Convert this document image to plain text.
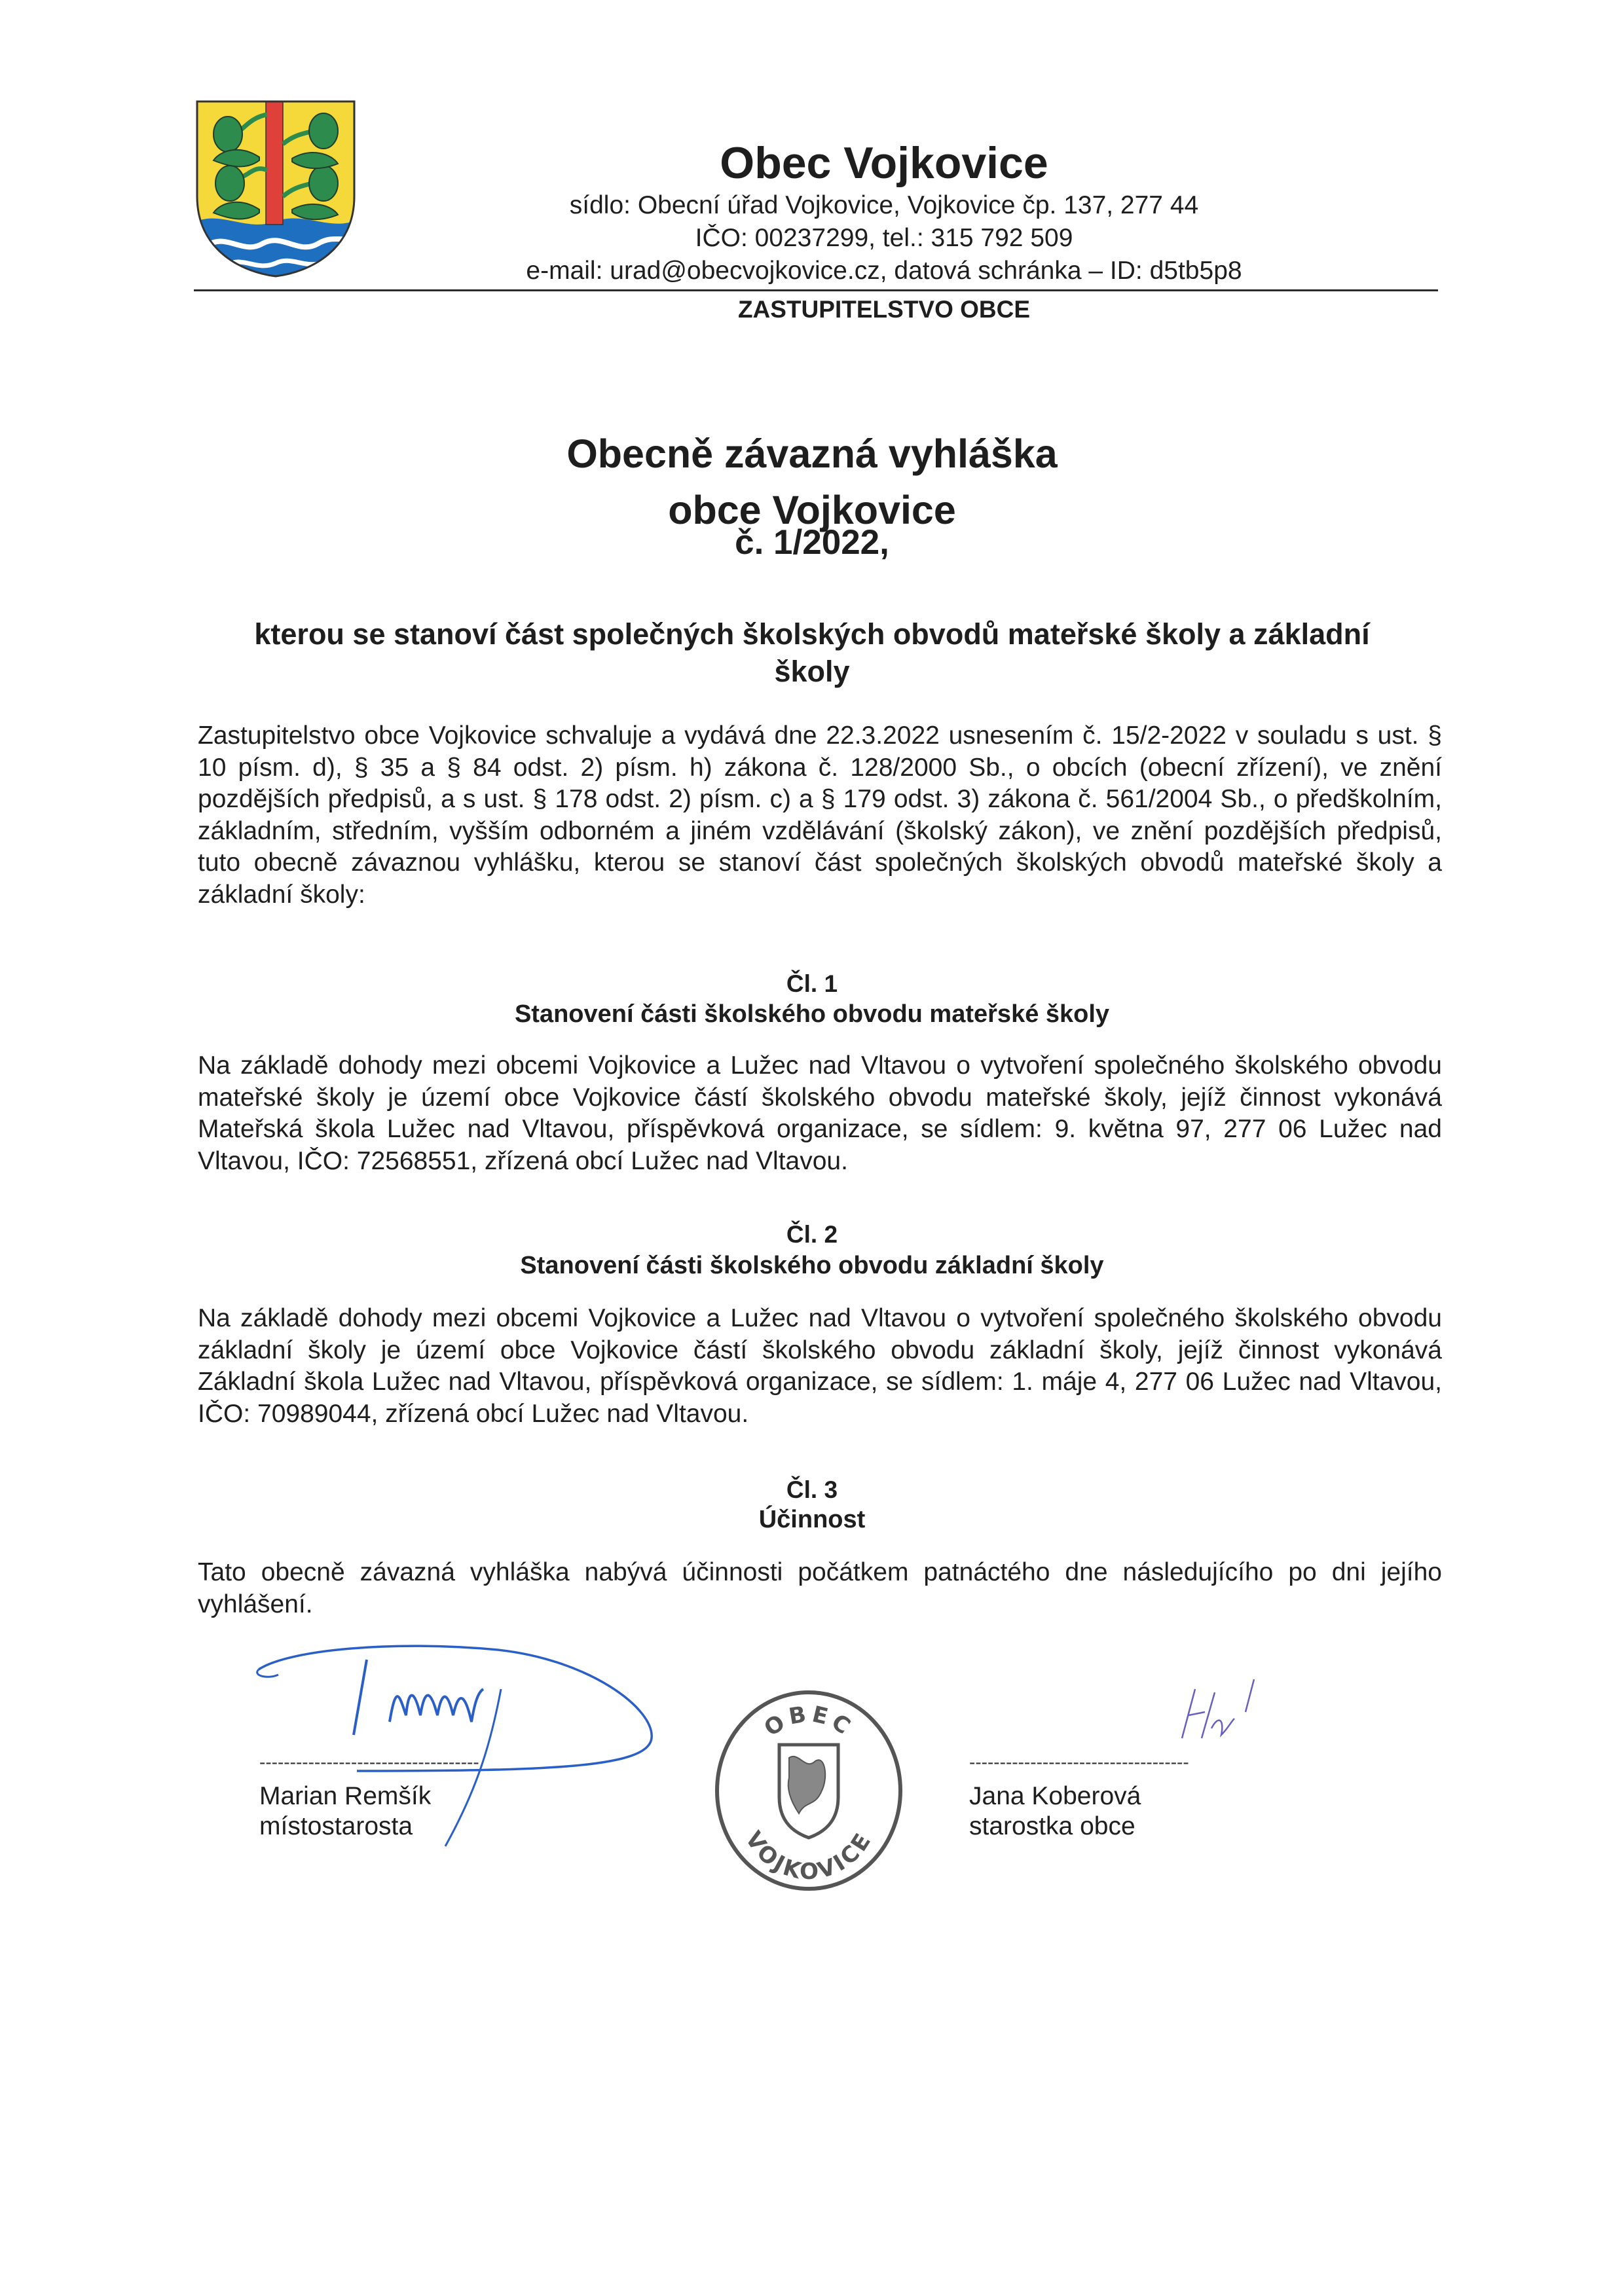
Obec Vojkovice
sídlo: Obecní úřad Vojkovice, Vojkovice čp. 137, 277 44
IČO: 00237299, tel.: 315 792 509
e-mail: urad@obecvojkovice.cz, datová schránka – ID: d5tb5p8
ZASTUPITELSTVO OBCE
Obecně závazná vyhláška
obce Vojkovice
č. 1/2022,
kterou se stanoví část společných školských obvodů mateřské školy a základní školy
Zastupitelstvo obce Vojkovice schvaluje a vydává dne 22.3.2022 usnesením č. 15/2-2022 v souladu s ust. § 10 písm. d), § 35 a § 84 odst. 2) písm. h) zákona č. 128/2000 Sb., o obcích (obecní zřízení), ve znění pozdějších předpisů, a s ust. § 178 odst. 2) písm. c) a § 179 odst. 3) zákona č. 561/2004 Sb., o předškolním, základním, středním, vyšším odborném a jiném vzdělávání (školský zákon), ve znění pozdějších předpisů, tuto obecně závaznou vyhlášku, kterou se stanoví část společných školských obvodů mateřské školy a základní školy:
Čl. 1
Stanovení části školského obvodu mateřské školy
Na základě dohody mezi obcemi Vojkovice a Lužec nad Vltavou o vytvoření společného školského obvodu mateřské školy je území obce Vojkovice částí školského obvodu mateřské školy, jejíž činnost vykonává Mateřská škola Lužec nad Vltavou, příspěvková organizace, se sídlem: 9. května 97, 277 06 Lužec nad Vltavou, IČO: 72568551, zřízená obcí Lužec nad Vltavou.
Čl. 2
Stanovení části školského obvodu základní školy
Na základě dohody mezi obcemi Vojkovice a Lužec nad Vltavou o vytvoření společného školského obvodu základní školy je území obce Vojkovice částí školského obvodu základní školy, jejíž činnost vykonává Základní škola Lužec nad Vltavou, příspěvková organizace, se sídlem: 1. máje 4, 277 06 Lužec nad Vltavou, IČO: 70989044, zřízená obcí Lužec nad Vltavou.
Čl. 3
Účinnost
Tato obecně závazná vyhláška nabývá účinnosti počátkem patnáctého dne následujícího po dni jejího vyhlášení.
------------------------------------
Marian Remšík
místostarosta
------------------------------------
Jana Koberová
starostka obce
OBEC
VOJKOVICE
